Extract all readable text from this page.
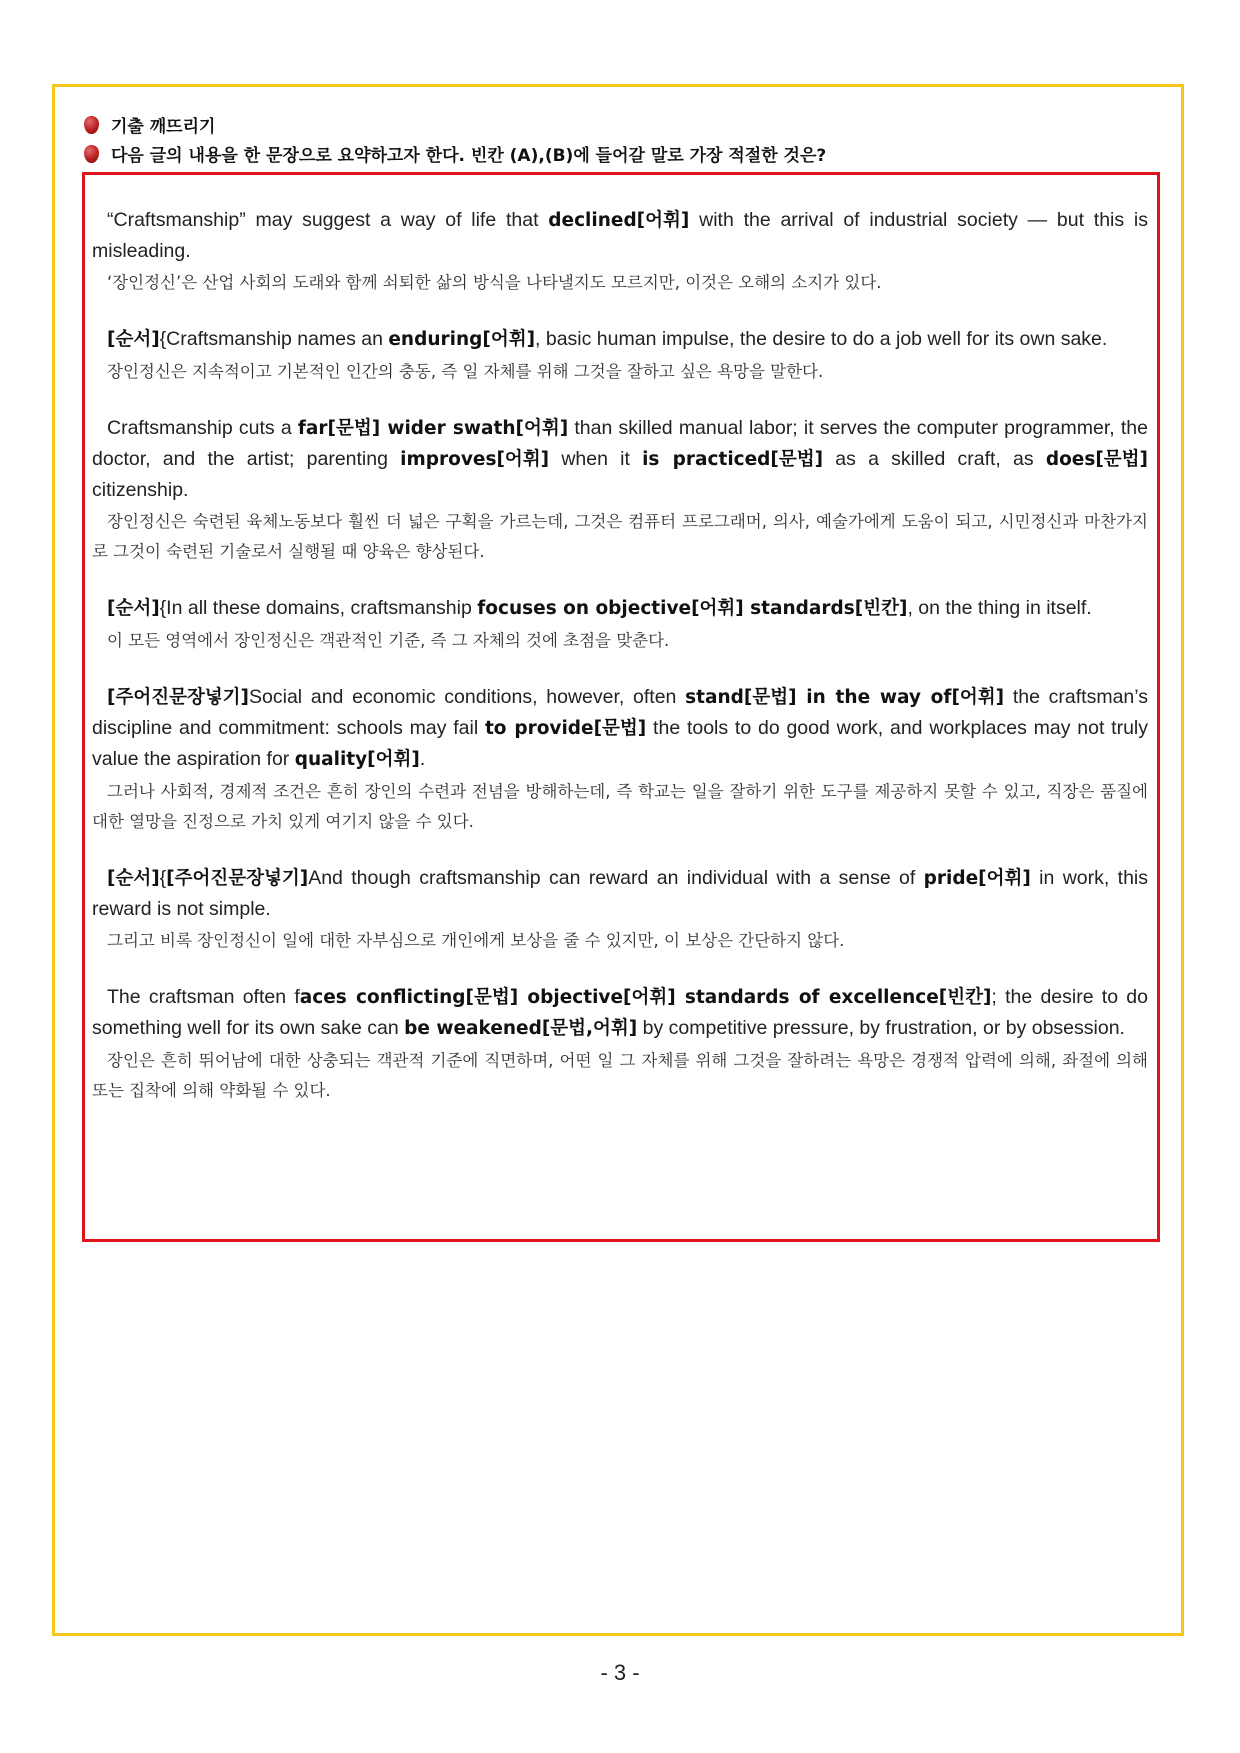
기출 깨뜨리기
다음 글의 내용을 한 문장으로 요약하고자 한다. 빈칸 (A),(B)에 들어갈 말로 가장 적절한 것은?

“Craftsmanship” may suggest a way of life that declined[어휘] with the arrival of industrial society ― but this is misleading.

‘장인정신’은 산업 사회의 도래와 함께 쇠퇴한 삶의 방식을 나타낼지도 모르지만, 이것은 오해의 소지가 있다.

[순서]{Craftsmanship names an enduring[어휘], basic human impulse, the desire to do a job well for its own sake.

장인정신은 지속적이고 기본적인 인간의 충동, 즉 일 자체를 위해 그것을 잘하고 싶은 욕망을 말한다.

Craftsmanship cuts a far[문법] wider swath[어휘] than skilled manual labor; it serves the computer programmer, the doctor, and the artist; parenting improves[어휘] when it is practiced[문법] as a skilled craft, as does[문법] citizenship.

장인정신은 숙련된 육체노동보다 훨씬 더 넓은 구획을 가르는데, 그것은 컴퓨터 프로그래머, 의사, 예술가에게 도움이 되고, 시민정신과 마찬가지로 그것이 숙련된 기술로서 실행될 때 양육은 향상된다.

[순서]{In all these domains, craftsmanship focuses on objective[어휘] standards[빈칸], on the thing in itself.

이 모든 영역에서 장인정신은 객관적인 기준, 즉 그 자체의 것에 초점을 맞춘다.

[주어진문장넣기]Social and economic conditions, however, often stand[문법] in the way of[어휘] the craftsman’s discipline and commitment: schools may fail to provide[문법] the tools to do good work, and workplaces may not truly value the aspiration for quality[어휘].

그러나 사회적, 경제적 조건은 흔히 장인의 수련과 전념을 방해하는데, 즉 학교는 일을 잘하기 위한 도구를 제공하지 못할 수 있고, 직장은 품질에 대한 열망을 진정으로 가치 있게 여기지 않을 수 있다.

[순서]{[주어진문장넣기]And though craftsmanship can reward an individual with a sense of pride[어휘] in work, this reward is not simple.

그리고 비록 장인정신이 일에 대한 자부심으로 개인에게 보상을 줄 수 있지만, 이 보상은 간단하지 않다.

The craftsman often faces conflicting[문법] objective[어휘] standards of excellence[빈칸]; the desire to do something well for its own sake can be weakened[문법,어휘] by competitive pressure, by frustration, or by obsession.

장인은 흔히 뛰어남에 대한 상충되는 객관적 기준에 직면하며, 어떤 일 그 자체를 위해 그것을 잘하려는 욕망은 경쟁적 압력에 의해, 좌절에 의해 또는 집착에 의해 약화될 수 있다.

- 3 -
